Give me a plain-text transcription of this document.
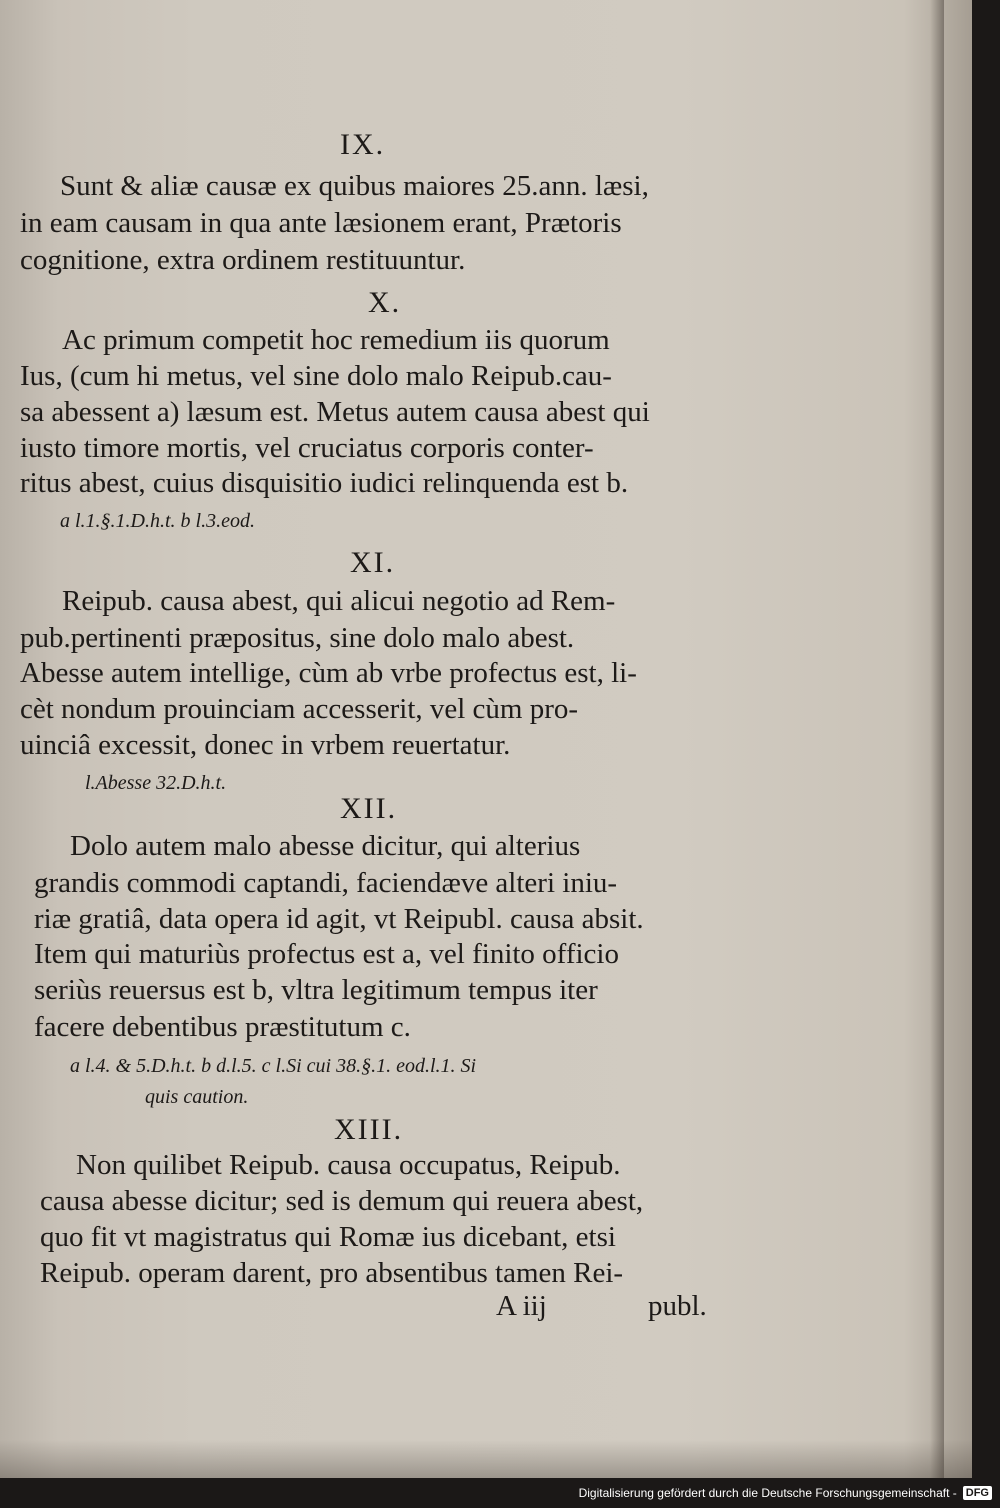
IX.
Sunt & aliæ causæ ex quibus maiores 25.ann. læsi,
in eam causam in qua ante læsionem erant, Prætoris
cognitione, extra ordinem restituuntur.
X.
Ac primum competit hoc remedium iis quorum
Ius, (cum hi metus, vel sine dolo malo Reipub.cau-
sa abessent a) læsum est. Metus autem causa abest qui
iusto timore mortis, vel cruciatus corporis conter-
ritus abest, cuius disquisitio iudici relinquenda est b.
a l.1.§.1.D.h.t. b l.3.eod.
XI.
Reipub. causa abest, qui alicui negotio ad Rem-
pub.pertinenti præpositus, sine dolo malo abest.
Abesse autem intellige, cùm ab vrbe profectus est, li-
cèt nondum prouinciam accesserit, vel cùm pro-
uinciâ excessit, donec in vrbem reuertatur.
l.Abesse 32.D.h.t.
XII.
Dolo autem malo abesse dicitur, qui alterius
grandis commodi captandi, faciendæve alteri iniu-
riæ gratiâ, data opera id agit, vt Reipubl. causa absit.
Item qui maturiùs profectus est a, vel finito officio
seriùs reuersus est b, vltra legitimum tempus iter
facere debentibus præstitutum c.
a l.4. & 5.D.h.t. b d.l.5. c l.Si cui 38.§.1. eod.l.1. Si
quis caution.
XIII.
Non quilibet Reipub. causa occupatus, Reipub.
causa abesse dicitur; sed is demum qui reuera abest,
quo fit vt magistratus qui Romæ ius dicebant, etsi
Reipub. operam darent, pro absentibus tamen Rei-
A iij	publ.
Digitalisierung gefördert durch die Deutsche Forschungsgemeinschaft - DFG
